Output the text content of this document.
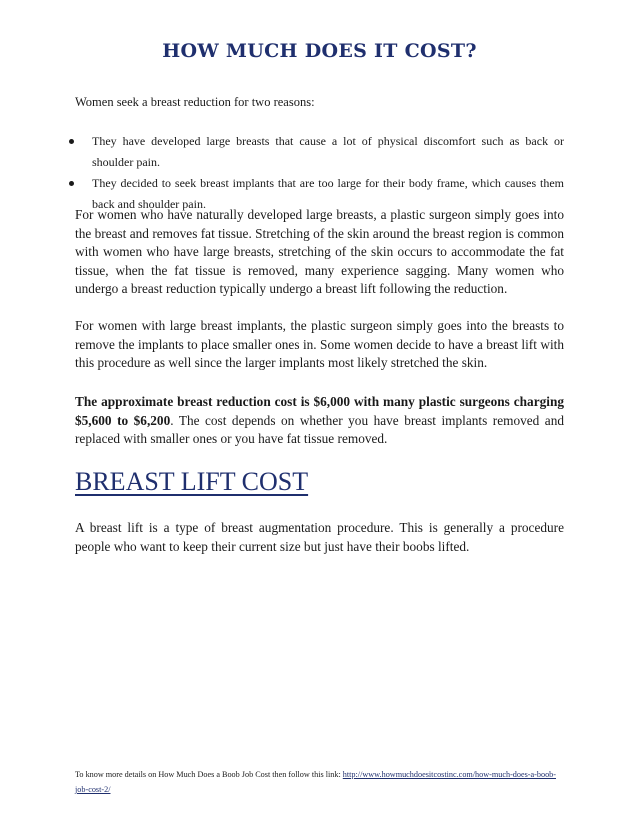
HOW MUCH DOES IT COST?

Women seek a breast reduction for two reasons:

They have developed large breasts that cause a lot of physical discomfort such as back or shoulder pain.
They decided to seek breast implants that are too large for their body frame, which causes them back and shoulder pain.

For women who have naturally developed large breasts, a plastic surgeon simply goes into the breast and removes fat tissue. Stretching of the skin around the breast region is common with women who have large breasts, stretching of the skin occurs to accommodate the fat tissue, when the fat tissue is removed, many experience sagging. Many women who undergo a breast reduction typically undergo a breast lift following the reduction.

For women with large breast implants, the plastic surgeon simply goes into the breasts to remove the implants to place smaller ones in. Some women decide to have a breast lift with this procedure as well since the larger implants most likely stretched the skin.

The approximate breast reduction cost is $6,000 with many plastic surgeons charging $5,600 to $6,200. The cost depends on whether you have breast implants removed and replaced with smaller ones or you have fat tissue removed.

BREAST LIFT COST

A breast lift is a type of breast augmentation procedure. This is generally a procedure people who want to keep their current size but just have their boobs lifted.

To know more details on How Much Does a Boob Job Cost then follow this link: http://www.howmuchdoesitcostinc.com/how-much-does-a-boob-job-cost-2/
